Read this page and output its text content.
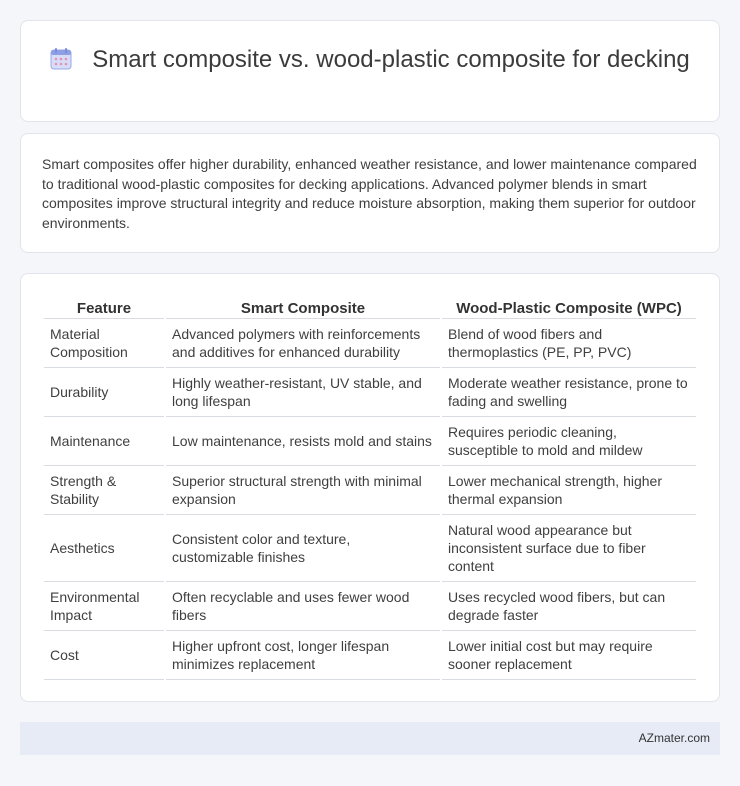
Smart composite vs. wood-plastic composite for decking

Smart composites offer higher durability, enhanced weather resistance, and lower maintenance compared to traditional wood-plastic composites for decking applications. Advanced polymer blends in smart composites improve structural integrity and reduce moisture absorption, making them superior for outdoor environments.

Feature	Smart Composite	Wood-Plastic Composite (WPC)
Material Composition	Advanced polymers with reinforcements and additives for enhanced durability	Blend of wood fibers and thermoplastics (PE, PP, PVC)
Durability	Highly weather-resistant, UV stable, and long lifespan	Moderate weather resistance, prone to fading and swelling
Maintenance	Low maintenance, resists mold and stains	Requires periodic cleaning, susceptible to mold and mildew
Strength & Stability	Superior structural strength with minimal expansion	Lower mechanical strength, higher thermal expansion
Aesthetics	Consistent color and texture, customizable finishes	Natural wood appearance but inconsistent surface due to fiber content
Environmental Impact	Often recyclable and uses fewer wood fibers	Uses recycled wood fibers, but can degrade faster
Cost	Higher upfront cost, longer lifespan minimizes replacement	Lower initial cost but may require sooner replacement
AZmater.com
